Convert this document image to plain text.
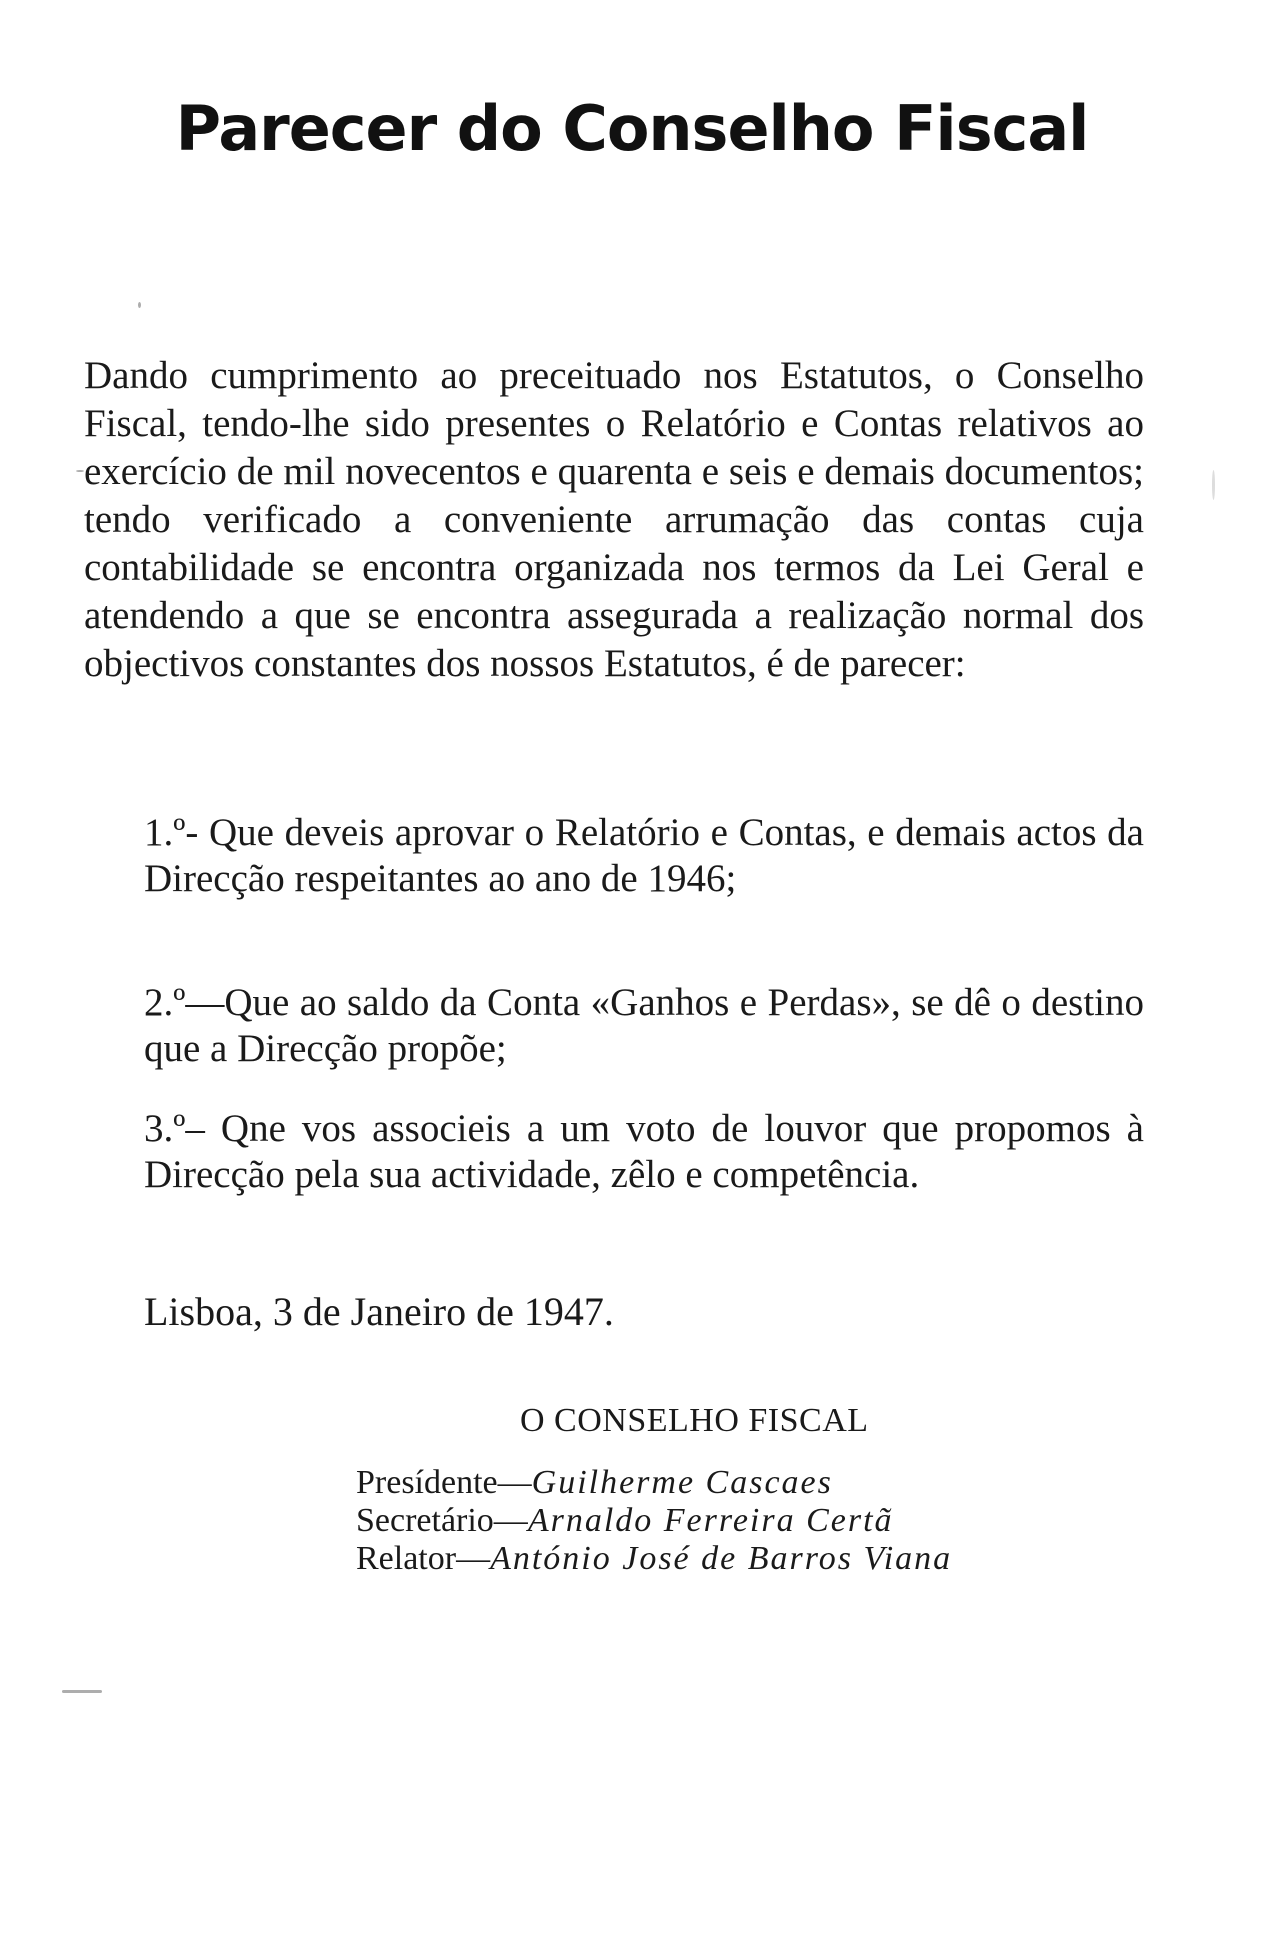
Parecer do Conselho Fiscal
Dando cumprimento ao preceituado nos Estatutos, o Conselho Fiscal, tendo-lhe sido presentes o Relatório e Contas relativos ao exercício de mil novecentos e quarenta e seis e demais documentos; tendo verificado a conveniente arrumação das contas cuja contabilidade se encontra organizada nos termos da Lei Geral e atendendo a que se encontra assegurada a realização normal dos objectivos constantes dos nossos Estatutos, é de parecer:
1.º- Que deveis aprovar o Relatório e Contas, e demais actos da Direcção respeitantes ao ano de 1946;
2.º—Que ao saldo da Conta «Ganhos e Perdas», se dê o destino que a Direcção propõe;
3.º– Qne vos associeis a um voto de louvor que propomos à Direcção pela sua actividade, zêlo e competência.
Lisboa, 3 de Janeiro de 1947.
O CONSELHO FISCAL
Presídente—Guilherme Cascaes
Secretário—Arnaldo Ferreira Certã
Relator—António José de Barros Viana
